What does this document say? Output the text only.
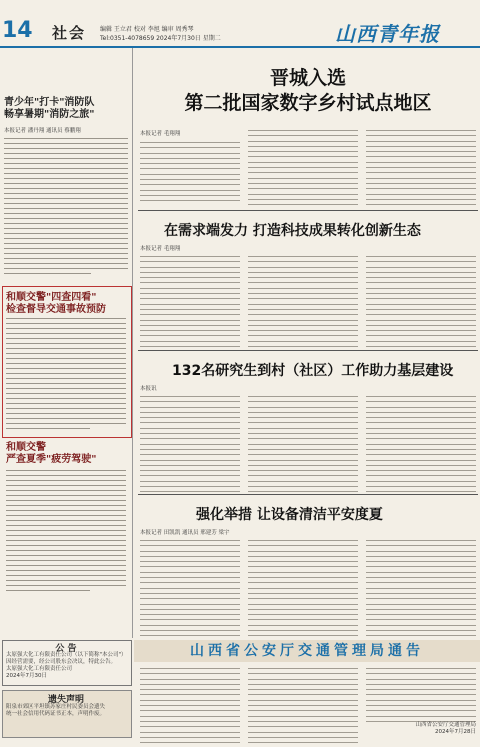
14	社会 编辑 王立君 校对 李旭 编审 周秀琴
Tel:0351-4078659 2024年7月30日 星期二	山西青年报
青少年"打卡"消防队
畅享暑期"消防之旅"
本报记者 潘丹翔 通讯员 蔡鹏翔
和顺交警"四查四看"
检查督导交通事故预防
和顺交警
严查夏季"疲劳驾驶"
公 告
太原强大化工有限责任公司（以下简称"本公司"）因经营需要，经公司股东会决议，特此公告。
太原强大化工有限责任公司
2024年7月30日
遗失声明
阳泉市郊区平坦镇苏家庄村民委员会遗失
统一社会信用代码证书正本，声明作废。
晋城入选
第二批国家数字乡村试点地区
本报记者 毛翔翔
在需求端发力 打造科技成果转化创新生态
本报记者 毛翔翔
132名研究生到村（社区）工作助力基层建设
本报讯
强化举措 让设备清洁平安度夏
本报记者 田凯凯 通讯员 邢建芳 梁宇
山西省公安厅交通管理局通告
山西省公安厅交通管理局
2024年7月28日
